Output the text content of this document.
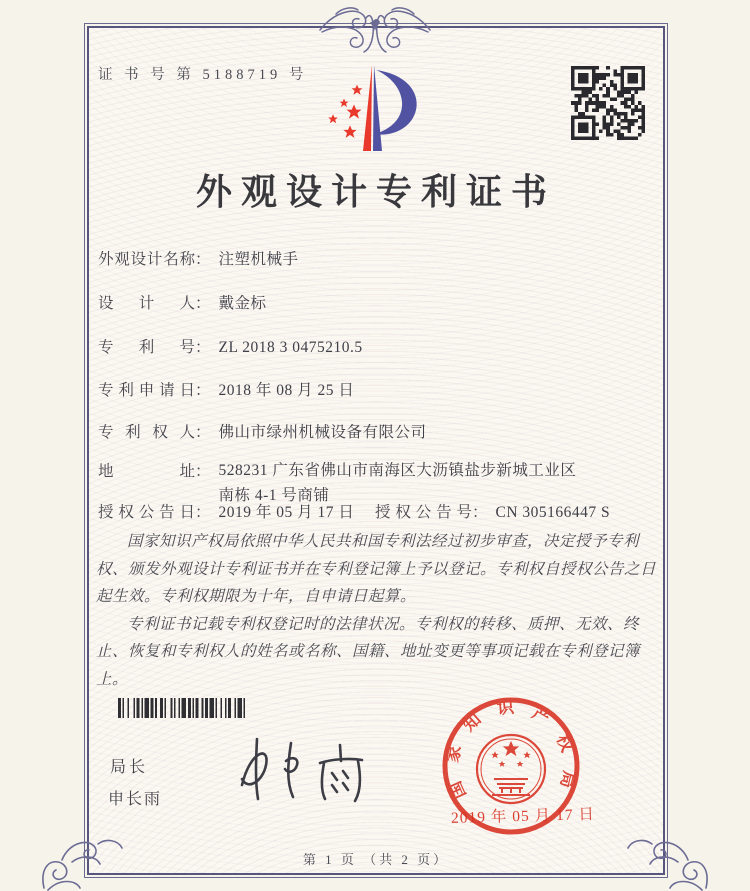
证 书 号 第 5188719 号
外观设计专利证书
外观设计名称： 注塑机械手
设计人： 戴金标
专利号： ZL 2018 3 0475210.5
专利申请日： 2018 年 08 月 25 日
专利权人： 佛山市绿州机械设备有限公司
地址： 528231 广东省佛山市南海区大沥镇盐步新城工业区南栋 4-1 号商铺
授权公告日： 2019 年 05 月 17 日 授权公告号： CN 305166447 S

国家知识产权局依照中华人民共和国专利法经过初步审查，决定授予专利权、颁发外观设计专利证书并在专利登记簿上予以登记。专利权自授权公告之日起生效。专利权期限为十年，自申请日起算。

专利证书记载专利权登记时的法律状况。专利权的转移、质押、无效、终止、恢复和专利权人的姓名或名称、国籍、地址变更等事项记载在专利登记簿上。

局长
申长雨	国家知识产权局
2019 年 05 月 17 日
第 1 页 （共 2 页）
